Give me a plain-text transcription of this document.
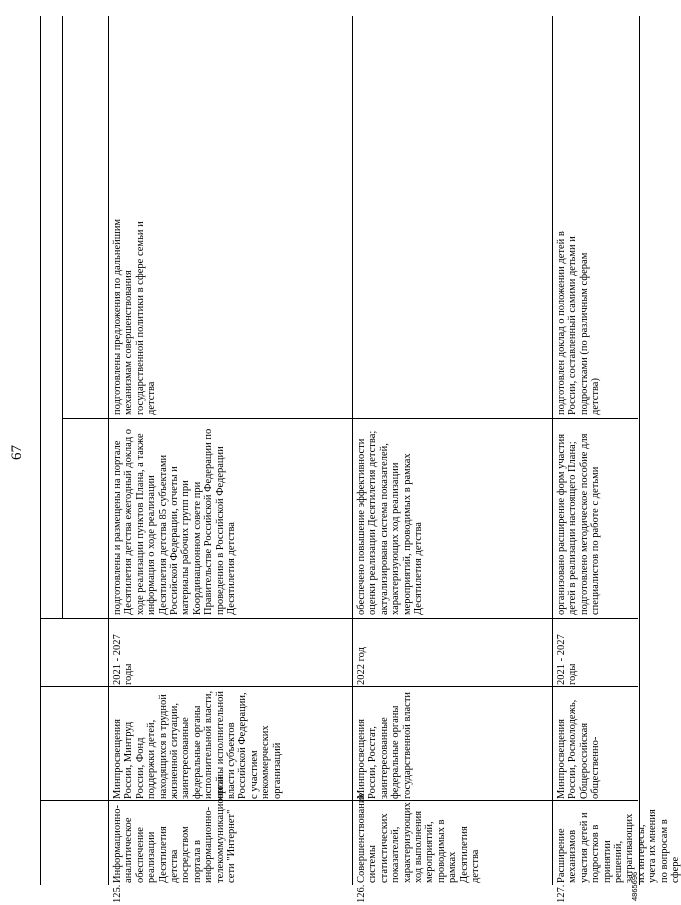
67
125.
Информационно-аналитическое обеспечение реализации Десятилетия детства посредством портала в информационно-телекоммуникационной сети "Интернет"
Минпросвещения России, Минтруд России, Фонд поддержки детей, находящихся в трудной жизненной ситуации, заинтересованные федеральные органы исполнительной власти, органы исполнительной власти субъектов Российской Федерации, с участием некоммерческих организаций
2021 - 2027 годы
подготовлены и размещены на портале Десятилетия детства ежегодный доклад о ходе реализации пунктов Плана, а также информация о ходе реализации Десятилетия детства 85 субъектами Российской Федерации, отчеты и материалы рабочих групп при Координационном совете при Правительстве Российской Федерации по проведению в Российской Федерации Десятилетия детства
подготовлены предложения по дальнейшим механизмам совершенствования государственной политики в сфере семьи и детства
126.
Совершенствование системы статистических показателей, характеризующих ход выполнения мероприятий, проводимых в рамках Десятилетия детства
Минпросвещения России, Росстат, заинтересованные федеральные органы государственной власти
2022 год
обеспечено повышение эффективности оценки реализации Десятилетия детства; актуализирована система показателей, характеризующих ход реализации мероприятий, проводимых в рамках Десятилетия детства
127.
Расширение механизмов участия детей и подростков в принятии решений, затрагивающих их интересы, учета их мнения по вопросам в сфере
Минпросвещения России, Росмолодежь, Общероссийская общественно-
2021 - 2027 годы
организовано расширение форм участия детей в реализации настоящего Плана; подготовлено методическое пособие для специалистов по работе с детьми
подготовлен доклад о положении детей в России, составленный самими детьми и подростками (по различным сферам детства)
4865696
